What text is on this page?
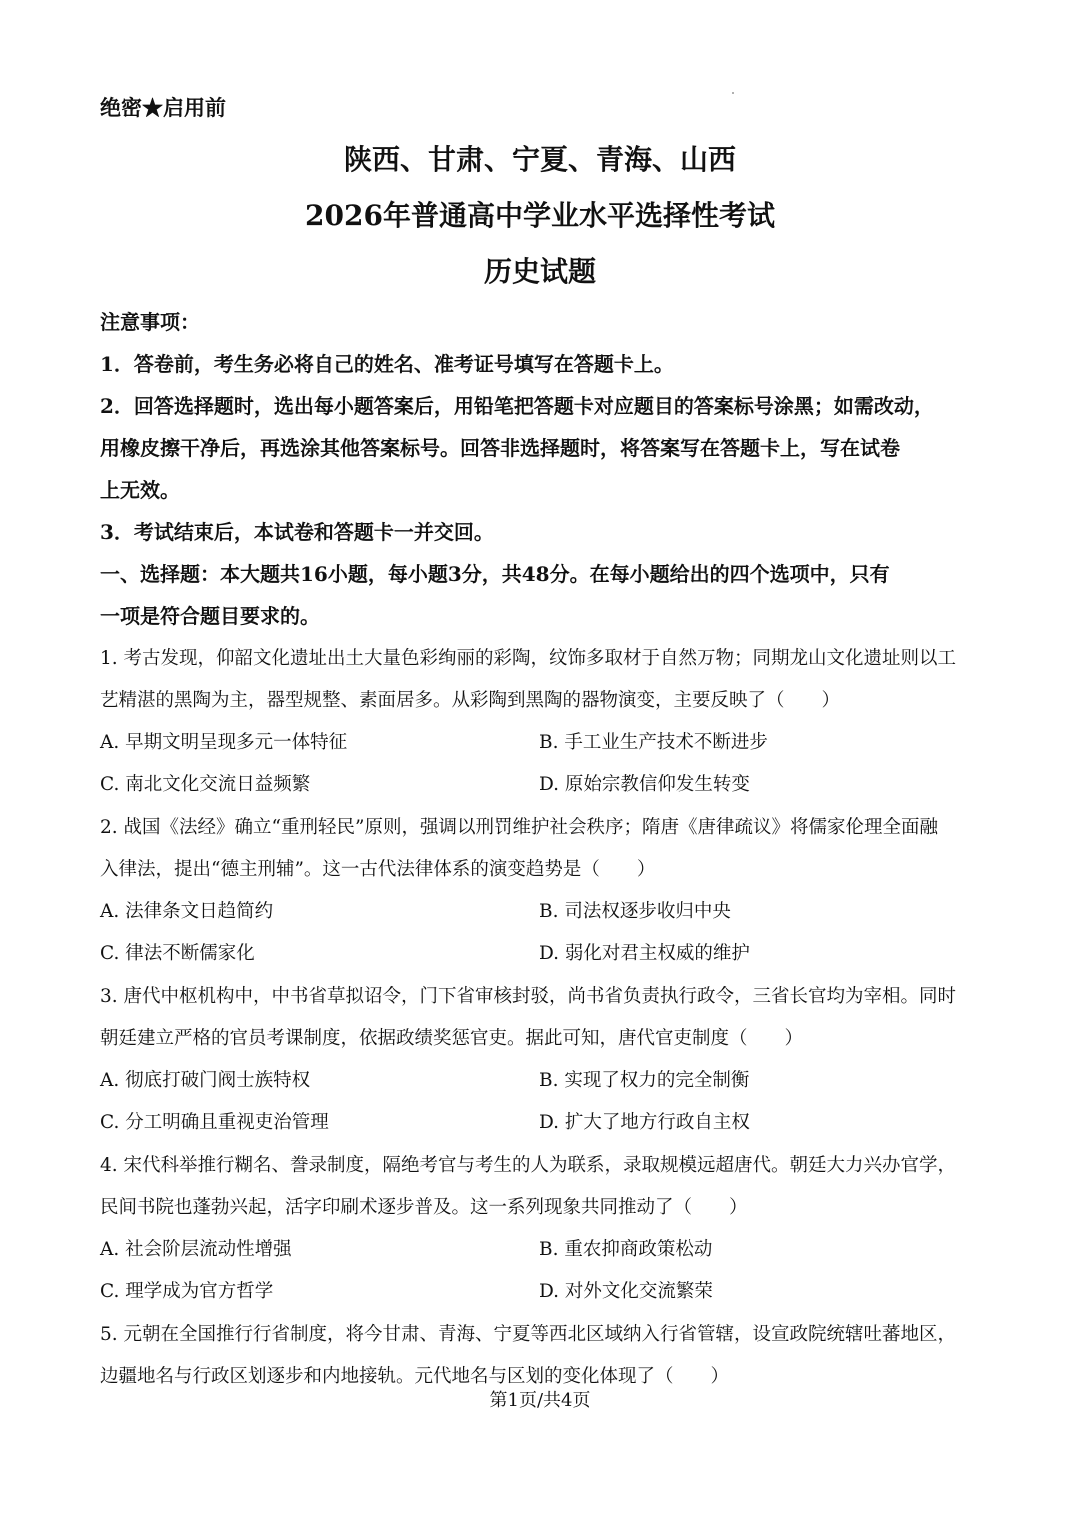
绝密★启用前
陕西、甘肃、宁夏、青海、山西
2026年普通高中学业水平选择性考试
历史试题
注意事项：
1．答卷前，考生务必将自己的姓名、准考证号填写在答题卡上。
2．回答选择题时，选出每小题答案后，用铅笔把答题卡对应题目的答案标号涂黑；如需改动，
用橡皮擦干净后，再选涂其他答案标号。回答非选择题时，将答案写在答题卡上，写在试卷
上无效。
3．考试结束后，本试卷和答题卡一并交回。
一、选择题：本大题共16小题，每小题3分，共48分。在每小题给出的四个选项中，只有
一项是符合题目要求的。
1. 考古发现，仰韶文化遗址出土大量色彩绚丽的彩陶，纹饰多取材于自然万物；同期龙山文化遗址则以工
艺精湛的黑陶为主，器型规整、素面居多。从彩陶到黑陶的器物演变，主要反映了（　　）
A. 早期文明呈现多元一体特征	B. 手工业生产技术不断进步
C. 南北文化交流日益频繁	D. 原始宗教信仰发生转变
2. 战国《法经》确立“重刑轻民”原则，强调以刑罚维护社会秩序；隋唐《唐律疏议》将儒家伦理全面融
入律法，提出“德主刑辅”。这一古代法律体系的演变趋势是（　　）
A. 法律条文日趋简约	B. 司法权逐步收归中央
C. 律法不断儒家化	D. 弱化对君主权威的维护
3. 唐代中枢机构中，中书省草拟诏令，门下省审核封驳，尚书省负责执行政令，三省长官均为宰相。同时
朝廷建立严格的官员考课制度，依据政绩奖惩官吏。据此可知，唐代官吏制度（　　）
A. 彻底打破门阀士族特权	B. 实现了权力的完全制衡
C. 分工明确且重视吏治管理	D. 扩大了地方行政自主权
4. 宋代科举推行糊名、誊录制度，隔绝考官与考生的人为联系，录取规模远超唐代。朝廷大力兴办官学，
民间书院也蓬勃兴起，活字印刷术逐步普及。这一系列现象共同推动了（　　）
A. 社会阶层流动性增强	B. 重农抑商政策松动
C. 理学成为官方哲学	D. 对外文化交流繁荣
5. 元朝在全国推行行省制度，将今甘肃、青海、宁夏等西北区域纳入行省管辖，设宣政院统辖吐蕃地区，
边疆地名与行政区划逐步和内地接轨。元代地名与区划的变化体现了（　　）
第1页/共4页
